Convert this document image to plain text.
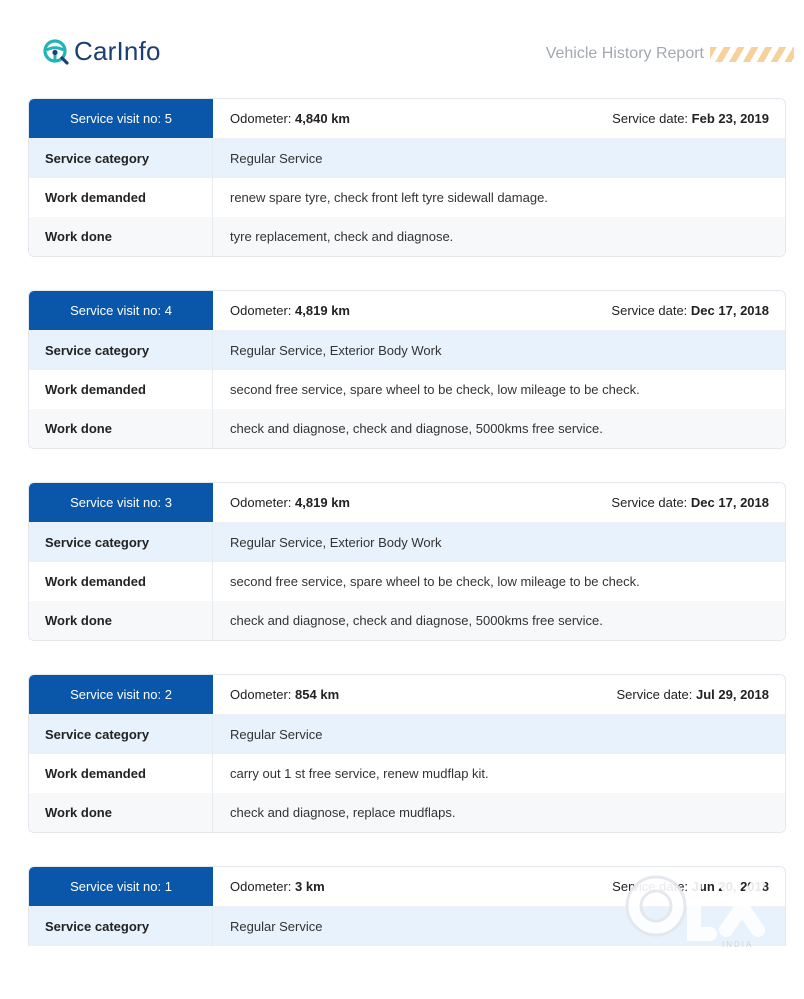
CarInfo	Vehicle History Report
Service visit no: 5	Odometer: 4,840 km	Service date: Feb 23, 2019
Service category	Regular Service
Work demanded	renew spare tyre, check front left tyre sidewall damage.
Work done	tyre replacement, check and diagnose.
Service visit no: 4	Odometer: 4,819 km	Service date: Dec 17, 2018
Service category	Regular Service, Exterior Body Work
Work demanded	second free service, spare wheel to be check, low mileage to be check.
Work done	check and diagnose, check and diagnose, 5000kms free service.
Service visit no: 3	Odometer: 4,819 km	Service date: Dec 17, 2018
Service category	Regular Service, Exterior Body Work
Work demanded	second free service, spare wheel to be check, low mileage to be check.
Work done	check and diagnose, check and diagnose, 5000kms free service.
Service visit no: 2	Odometer: 854 km	Service date: Jul 29, 2018
Service category	Regular Service
Work demanded	carry out 1 st free service, renew mudflap kit.
Work done	check and diagnose, replace mudflaps.
Service visit no: 1	Odometer: 3 km	Service date: Jun 20, 2018
Service category	Regular Service
INDIA
